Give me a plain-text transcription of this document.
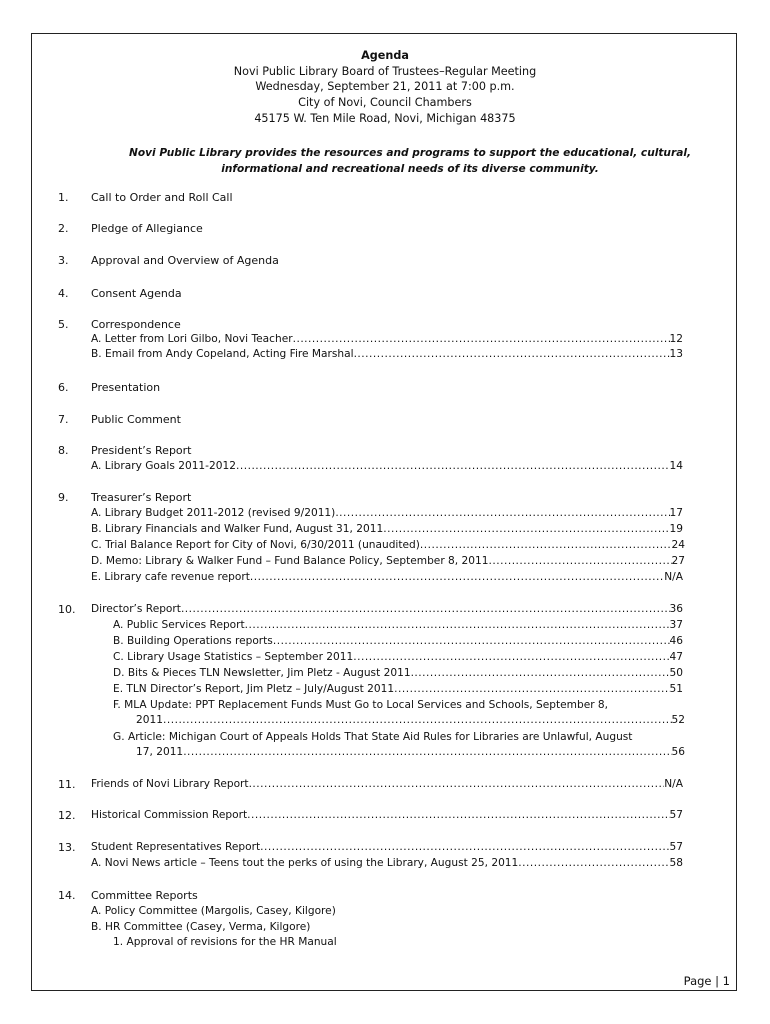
Agenda
Novi Public Library Board of Trustees–Regular Meeting
Wednesday, September 21, 2011 at 7:00 p.m.
City of Novi, Council Chambers
45175 W. Ten Mile Road, Novi, Michigan 48375
Novi Public Library provides the resources and programs to support the educational, cultural,
informational and recreational needs of its diverse community.
1. Call to Order and Roll Call
2. Pledge of Allegiance
3. Approval and Overview of Agenda
4. Consent Agenda
5. Correspondence
A. Letter from Lori Gilbo, Novi Teacher .....	12
B. Email from Andy Copeland, Acting Fire Marshal .....	13
6. Presentation
7. Public Comment
8. President’s Report
A. Library Goals 2011-2012 .....	14
9. Treasurer’s Report
A. Library Budget 2011-2012 (revised 9/2011) .....	17
B. Library Financials and Walker Fund, August 31, 2011 .....	19
C. Trial Balance Report for City of Novi, 6/30/2011 (unaudited) .....	24
D. Memo: Library & Walker Fund – Fund Balance Policy, September 8, 2011 .....	27
E. Library cafe revenue report .....	N/A
10. Director’s Report .....	36
A. Public Services Report .....	37
B. Building Operations reports .....	46
C. Library Usage Statistics – September 2011 .....	47
D. Bits & Pieces TLN Newsletter, Jim Pletz - August 2011 .....	50
E. TLN Director’s Report, Jim Pletz – July/August 2011 .....	51
F. MLA Update: PPT Replacement Funds Must Go to Local Services and Schools, September 8,
2011 .....	52
G. Article: Michigan Court of Appeals Holds That State Aid Rules for Libraries are Unlawful, August
17, 2011 .....	56
11. Friends of Novi Library Report .....	N/A
12. Historical Commission Report .....	57
13. Student Representatives Report .....	57
A. Novi News article – Teens tout the perks of using the Library, August 25, 2011 .....	58
14. Committee Reports
A. Policy Committee (Margolis, Casey, Kilgore)
B. HR Committee (Casey, Verma, Kilgore)
1. Approval of revisions for the HR Manual
Page | 1
